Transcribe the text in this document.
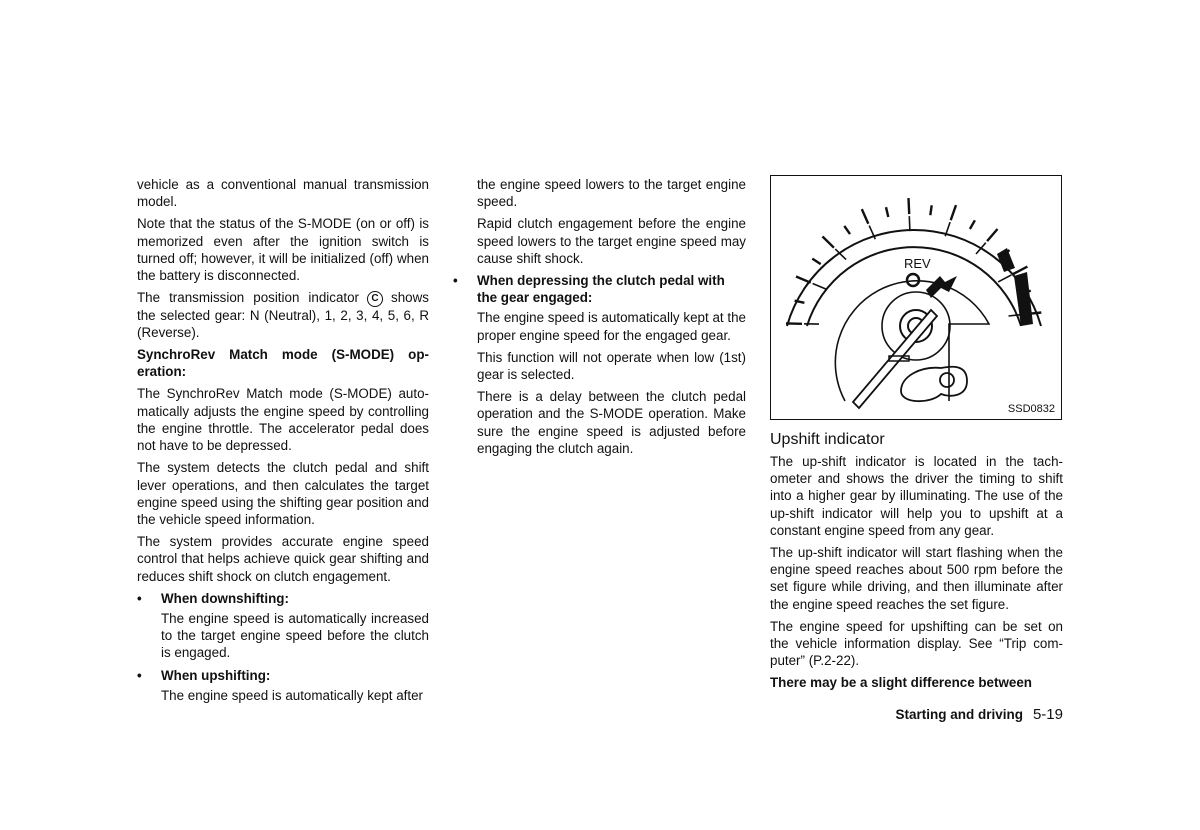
vehicle as a conventional manual transmission model.

Note that the status of the S-MODE (on or off) is memorized even after the ignition switch is turned off; however, it will be initialized (off) when the battery is disconnected.

The transmission position indicator C shows the selected gear: N (Neutral), 1, 2, 3, 4, 5, 6, R (Reverse).

SynchroRev Match mode (S-MODE) op-eration:

The SynchroRev Match mode (S-MODE) auto-matically adjusts the engine speed by controlling the engine throttle. The accelerator pedal does not have to be depressed.

The system detects the clutch pedal and shift lever operations, and then calculates the target engine speed using the shifting gear position and the vehicle speed information.

The system provides accurate engine speed control that helps achieve quick gear shifting and reduces shift shock on clutch engagement.

• When downshifting:

The engine speed is automatically increased to the target engine speed before the clutch is engaged.

• When upshifting:

The engine speed is automatically kept after

the engine speed lowers to the target engine speed.

Rapid clutch engagement before the engine speed lowers to the target engine speed may cause shift shock.

• When depressing the clutch pedal with the gear engaged:

The engine speed is automatically kept at the proper engine speed for the engaged gear.

This function will not operate when low (1st) gear is selected.

There is a delay between the clutch pedal operation and the S-MODE operation. Make sure the engine speed is adjusted before engaging the clutch again.

REV
SSD0832
Upshift indicator

The up-shift indicator is located in the tach-ometer and shows the driver the timing to shift into a higher gear by illuminating. The use of the up-shift indicator will help you to upshift at a constant engine speed from any gear.

The up-shift indicator will start flashing when the engine speed reaches about 500 rpm before the set figure while driving, and then illuminate after the engine speed reaches the set figure.

The engine speed for upshifting can be set on the vehicle information display. See “Trip com-puter” (P.2-22).

There may be a slight difference between

Starting and driving 5-19
